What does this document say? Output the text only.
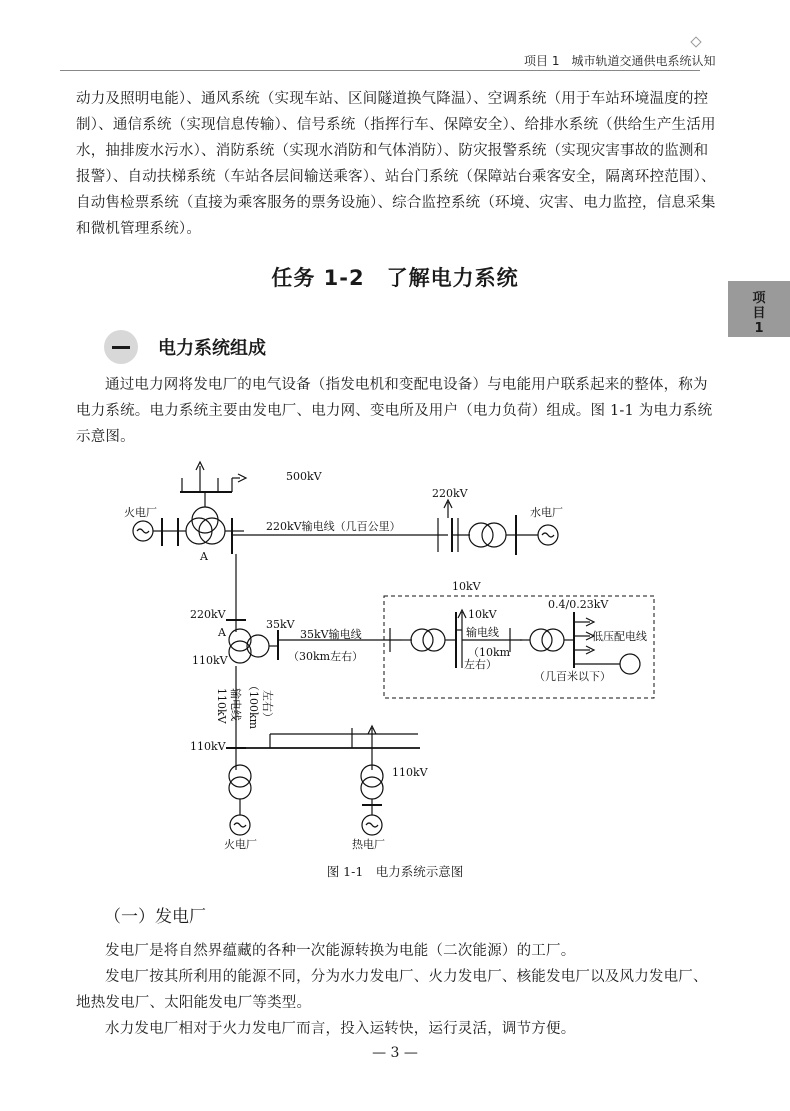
项目 1　城市轨道交通供电系统认知
项
目
1

动力及照明电能）、通风系统（实现车站、区间隧道换气降温）、空调系统（用于车站环境温度的控制）、通信系统（实现信息传输）、信号系统（指挥行车、保障安全）、给排水系统（供给生产生活用水，抽排废水污水）、消防系统（实现水消防和气体消防）、防灾报警系统（实现灾害事故的监测和报警）、自动扶梯系统（车站各层间输送乘客）、站台门系统（保障站台乘客安全，隔离环控范围）、自动售检票系统（直接为乘客服务的票务设施）、综合监控系统（环境、灾害、电力监控，信息采集和微机管理系统）。

任务 1-2　了解电力系统
电力系统组成

通过电力网将发电厂的电气设备（指发电机和变配电设备）与电能用户联系起来的整体，称为电力系统。电力系统主要由发电厂、电力网、变电所及用户（电力负荷）组成。图 1-1 为电力系统示意图。

500kV
220kV
220kV输电线（几百公里）
水电厂
火电厂
A
10kV
220kV
A
35kV
35kV输电线
（30km左右）
110kV
10kV
输电线
（10km
左右）
0.4/0.23kV
低压配电线
（几百米以下）
110kV 输电线 （100km 左右）
110kV
110kV
火电厂	热电厂
图 1-1　电力系统示意图
（一）发电厂

发电厂是将自然界蕴藏的各种一次能源转换为电能（二次能源）的工厂。

发电厂按其所利用的能源不同，分为水力发电厂、火力发电厂、核能发电厂以及风力发电厂、地热发电厂、太阳能发电厂等类型。

水力发电厂相对于火力发电厂而言，投入运转快，运行灵活，调节方便。

— 3 —
